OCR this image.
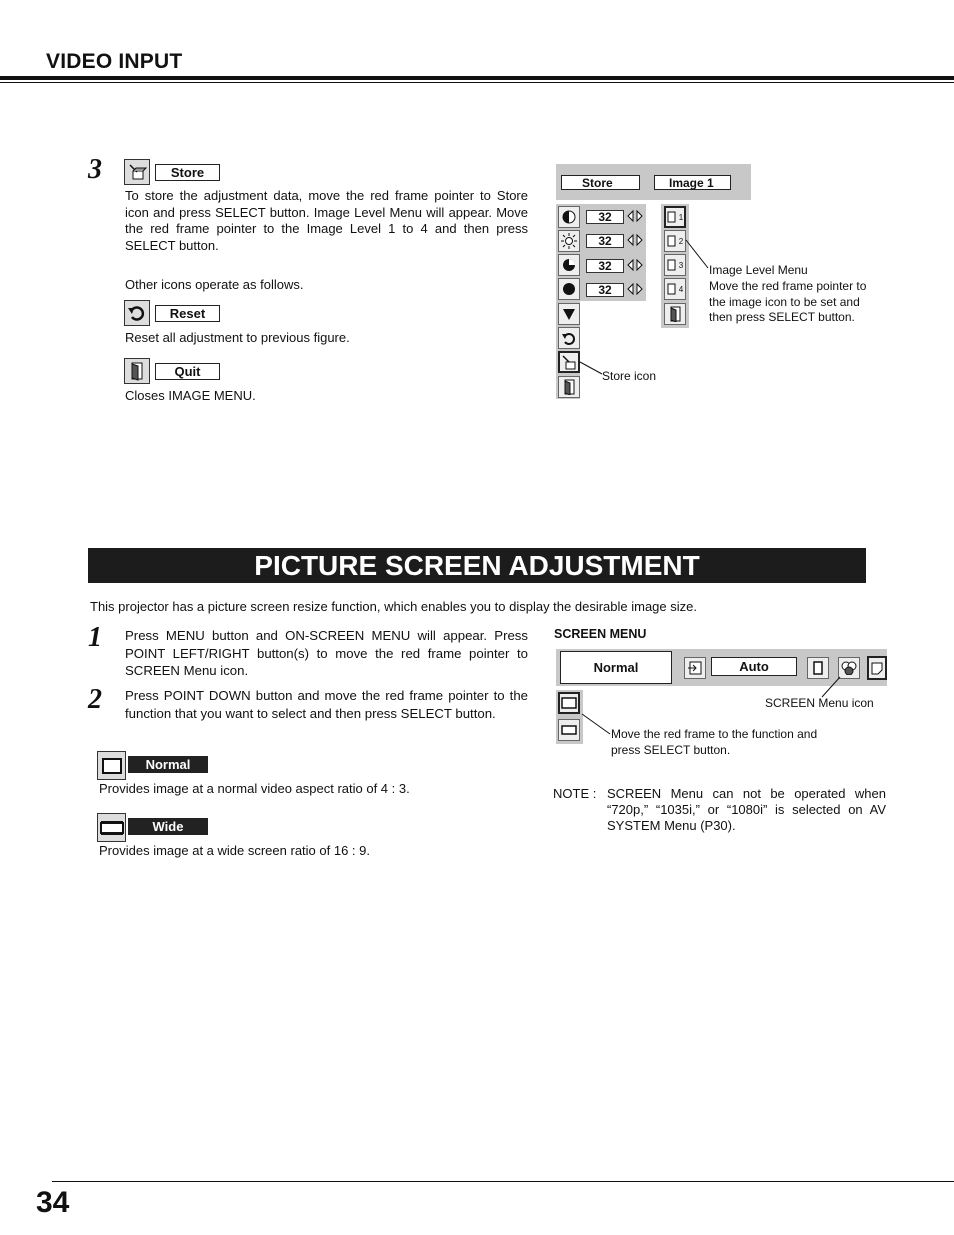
VIDEO INPUT
3	Store
To store the adjustment data, move the red frame pointer to Store icon and press SELECT button. Image Level Menu will appear. Move the red frame pointer to the Image Level 1 to 4 and then press SELECT button.
Other icons operate as follows.
Reset
Reset all adjustment to previous figure.
Quit
Closes IMAGE MENU.
Store	Image 1
32
32
32
32
1
2
3
4
Image Level Menu
Move the red frame pointer to the image icon to be set and then press SELECT button.
Store icon
PICTURE SCREEN ADJUSTMENT
This projector has a picture screen resize function, which enables you to display the desirable image size.
1 Press MENU button and ON-SCREEN MENU will appear. Press POINT LEFT/RIGHT button(s) to move the red frame pointer to SCREEN Menu icon.
2 Press POINT DOWN button and move the red frame pointer to the function that you want to select and then press SELECT button.
Normal
Provides image at a normal video aspect ratio of 4 : 3.
Wide
Provides image at a wide screen ratio of 16 : 9.
SCREEN MENU
Normal	Auto
SCREEN Menu icon
Move the red frame to the function and press SELECT button.
NOTE : SCREEN Menu can not be operated when “720p,” “1035i,” or “1080i” is selected on AV SYSTEM Menu (P30).
34
